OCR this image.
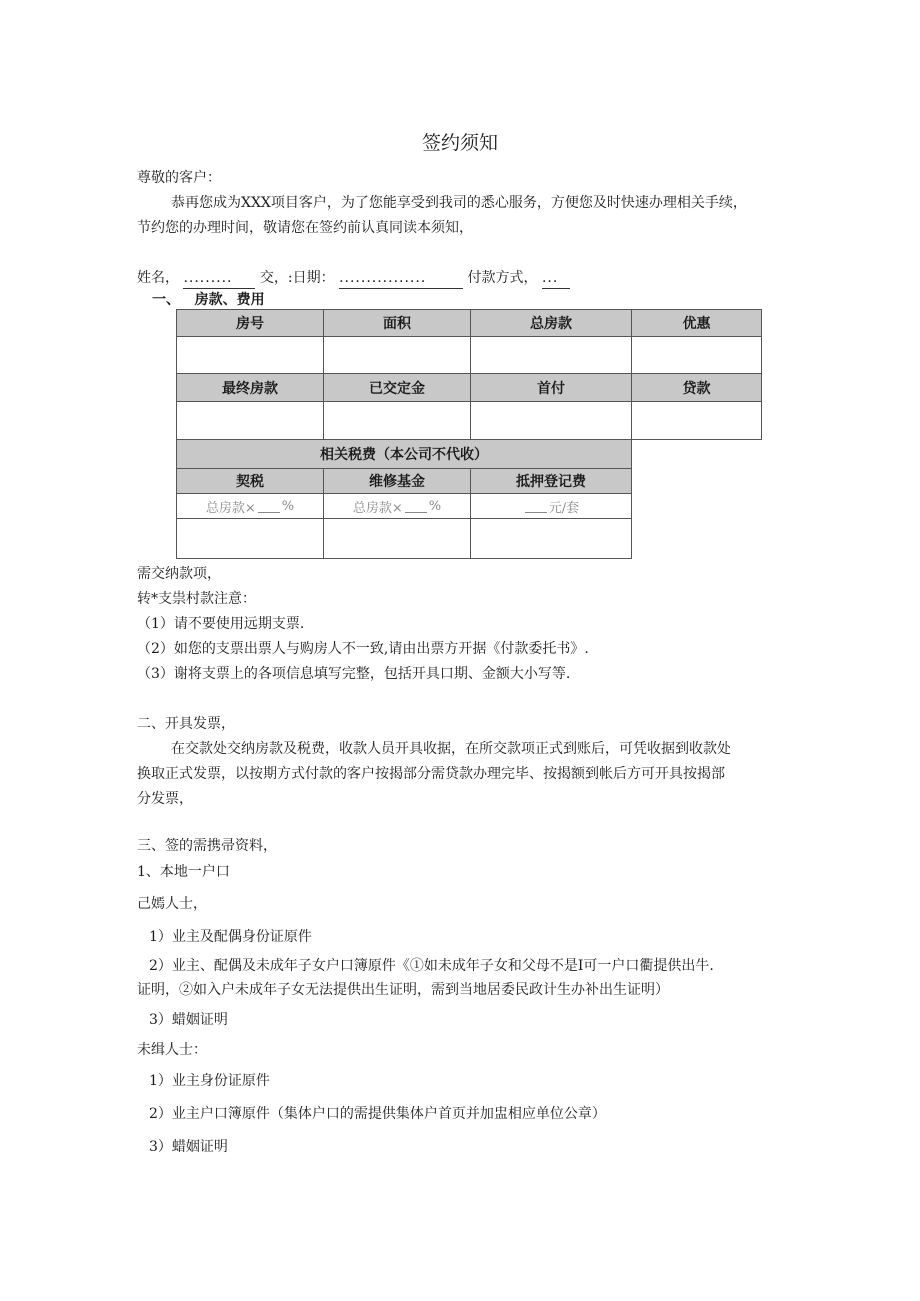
签约须知
尊敬的客户：
恭再您成为XXX项目客户，为了您能享受到我司的悉心服务，方便您及时快速办理相关手续，
节约您的办理时间，敬请您在签约前认真同读本须知，
姓名， ......... 交，:日期： ................	付款方式， ...
一、 房款、费用
房号	面积	总房款	优惠
最终房款	已交定金	首付	贷款
相关税费（本公司不代收）
契税	维修基金	抵押登记费
总房款× %	总房款× %	元/套
需交纳款项，
转*支祟村款注意：
（1）请不要使用远期支票.
（2）如您的支票出票人与购房人不一致,请由出票方开据《付款委托书》.
（3）谢将支票上的各项信息填写完整，包括开具口期、金额大小写等.
二、开具发票，
在交款处交纳房款及税费，收款人员开具收据，在所交款项正式到账后，可凭收据到收款处
换取正式发票，以按期方式付款的客户按揭部分需贷款办理完毕、按揭额到帐后方可开具按揭部
分发票，
三、签的需携帚资料，
1、本地一户口
己嫣人士，
1）业主及配偶身份证原件
2）业主、配偶及未成年子女户口簿原件《①如未成年子女和父母不是I可一户口衢提供出牛.
证明，②如入户未成年子女无法提供出生证明，需到当地居委民政计生办补出生证明）
3）蜡姻证明
未缉人士：
1）业主身份证原件
2）业主户口簿原件（集体户口的需提供集体户首页并加盅相应单位公章）
3）蜡姻证明
